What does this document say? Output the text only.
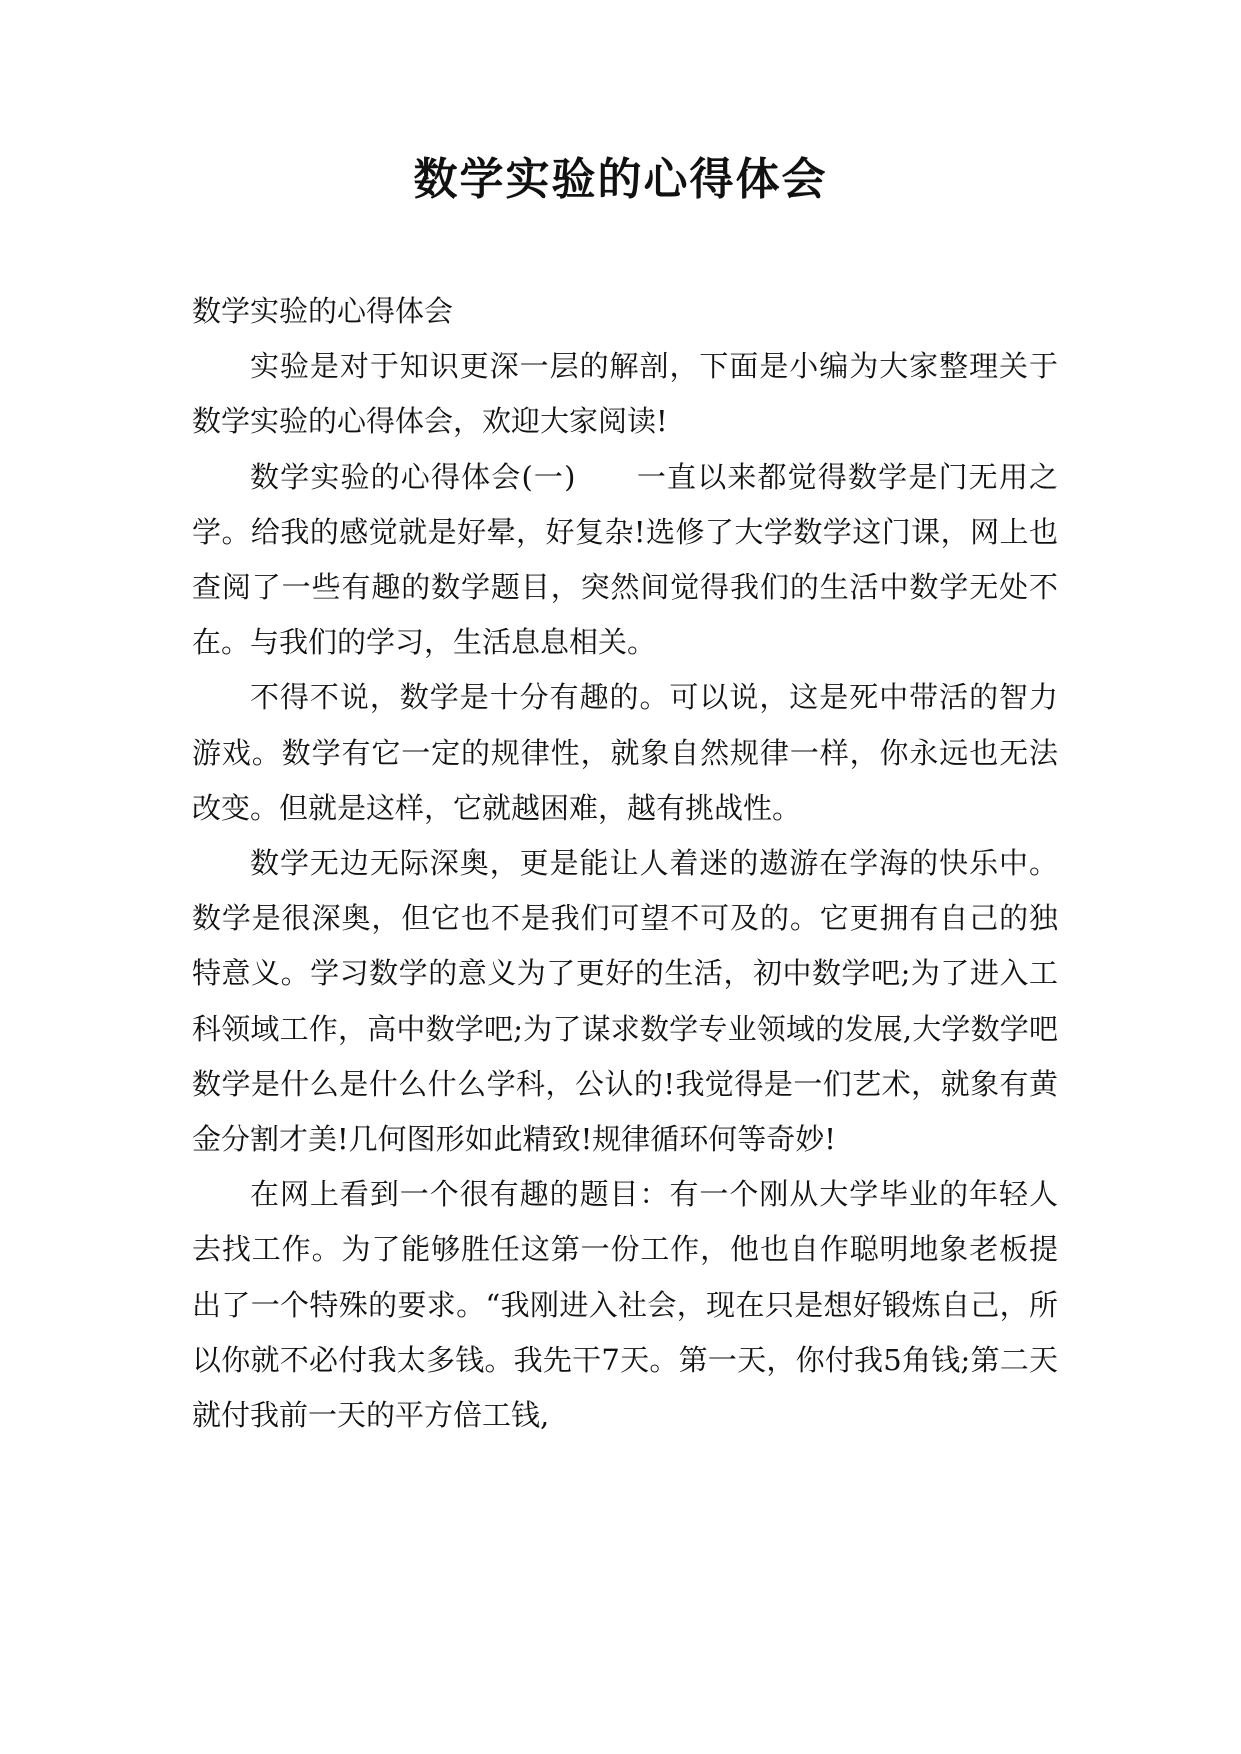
数学实验的心得体会

数学实验的心得体会

实验是对于知识更深一层的解剖，下面是小编为大家整理关于数学实验的心得体会，欢迎大家阅读!

数学实验的心得体会(一)　　一直以来都觉得数学是门无用之学。给我的感觉就是好晕，好复杂!选修了大学数学这门课，网上也查阅了一些有趣的数学题目，突然间觉得我们的生活中数学无处不在。与我们的学习，生活息息相关。

不得不说，数学是十分有趣的。可以说，这是死中带活的智力游戏。数学有它一定的规律性，就象自然规律一样，你永远也无法改变。但就是这样，它就越困难，越有挑战性。

数学无边无际深奥，更是能让人着迷的遨游在学海的快乐中。数学是很深奥，但它也不是我们可望不可及的。它更拥有自己的独特意义。学习数学的意义为了更好的生活，初中数学吧;为了进入工科领域工作，高中数学吧;为了谋求数学专业领域的发展,大学数学吧数学是什么是什么什么学科，公认的!我觉得是一们艺术，就象有黄金分割才美!几何图形如此精致!规律循环何等奇妙!

在网上看到一个很有趣的题目：有一个刚从大学毕业的年轻人去找工作。为了能够胜任这第一份工作，他也自作聪明地象老板提出了一个特殊的要求。“我刚进入社会，现在只是想好锻炼自己，所以你就不必付我太多钱。我先干7天。第一天，你付我5角钱;第二天就付我前一天的平方倍工钱,
